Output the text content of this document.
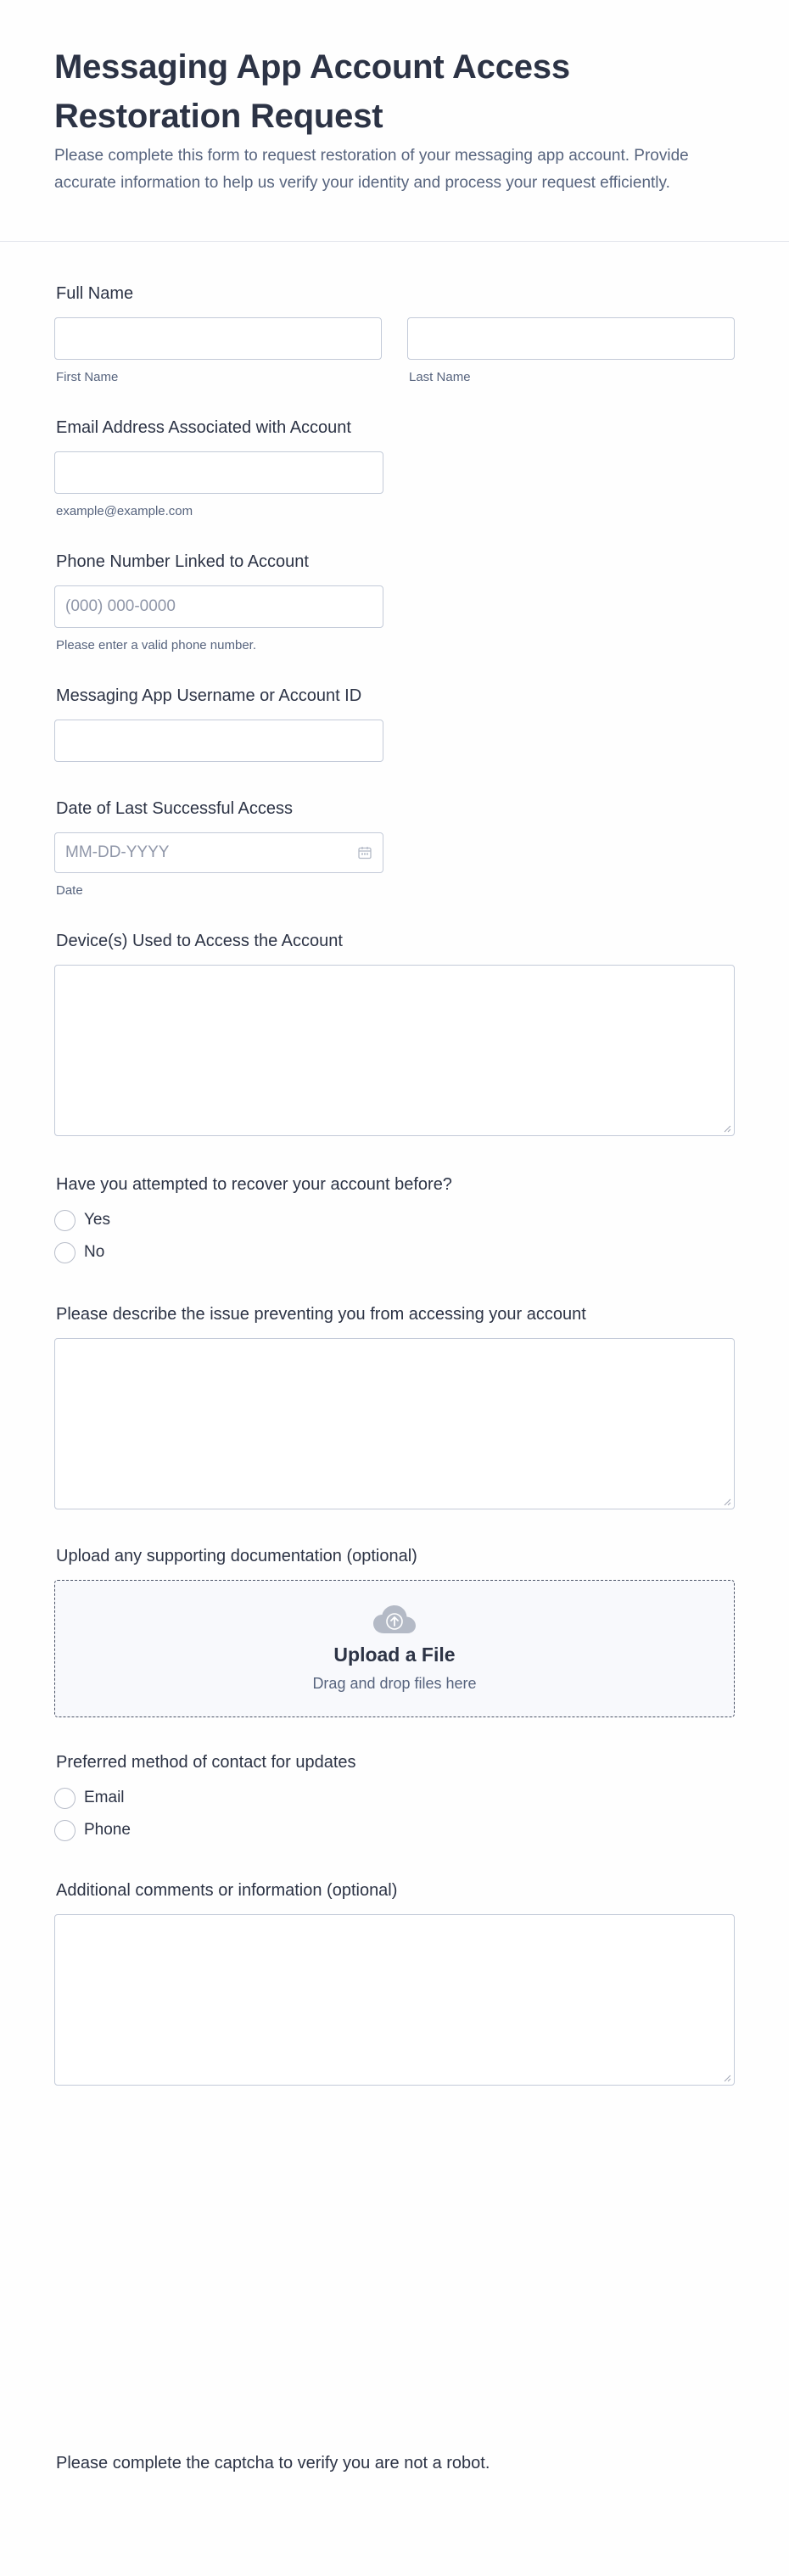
Messaging App Account Access Restoration Request

Please complete this form to request restoration of your messaging app account. Provide accurate information to help us verify your identity and process your request efficiently.

Full Name
First Name	Last Name
Email Address Associated with Account
example@example.com
Phone Number Linked to Account
(000) 000-0000
Please enter a valid phone number.
Messaging App Username or Account ID
Date of Last Successful Access
MM-DD-YYYY
Date
Device(s) Used to Access the Account
Have you attempted to recover your account before?
Yes
No
Please describe the issue preventing you from accessing your account
Upload any supporting documentation (optional)
Upload a File
Drag and drop files here
Preferred method of contact for updates
Email
Phone
Additional comments or information (optional)
Please complete the captcha to verify you are not a robot.
